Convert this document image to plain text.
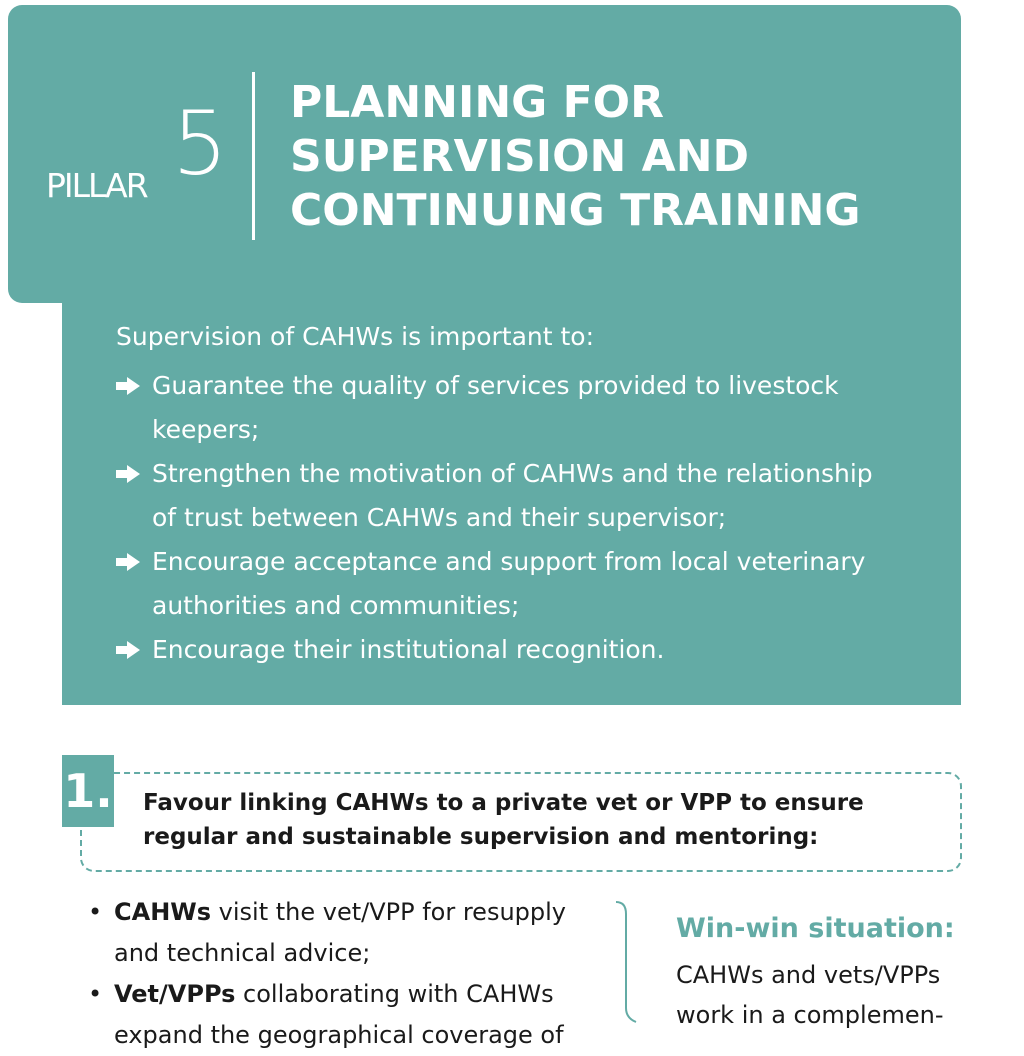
PILLAR 5 PLANNING FOR
SUPERVISION AND
CONTINUING TRAINING
Supervision of CAHWs is important to:
Guarantee the quality of services provided to livestock
keepers;
Strengthen the motivation of CAHWs and the relationship
of trust between CAHWs and their supervisor;
Encourage acceptance and support from local veterinary
authorities and communities;
Encourage their institutional recognition.
1. Favour linking CAHWs to a private vet or VPP to ensure
regular and sustainable supervision and mentoring:
• CAHWs visit the vet/VPP for resupply
and technical advice;
• Vet/VPPs collaborating with CAHWs
expand the geographical coverage of
Win-win situation:
CAHWs and vets/VPPs
work in a complemen-
